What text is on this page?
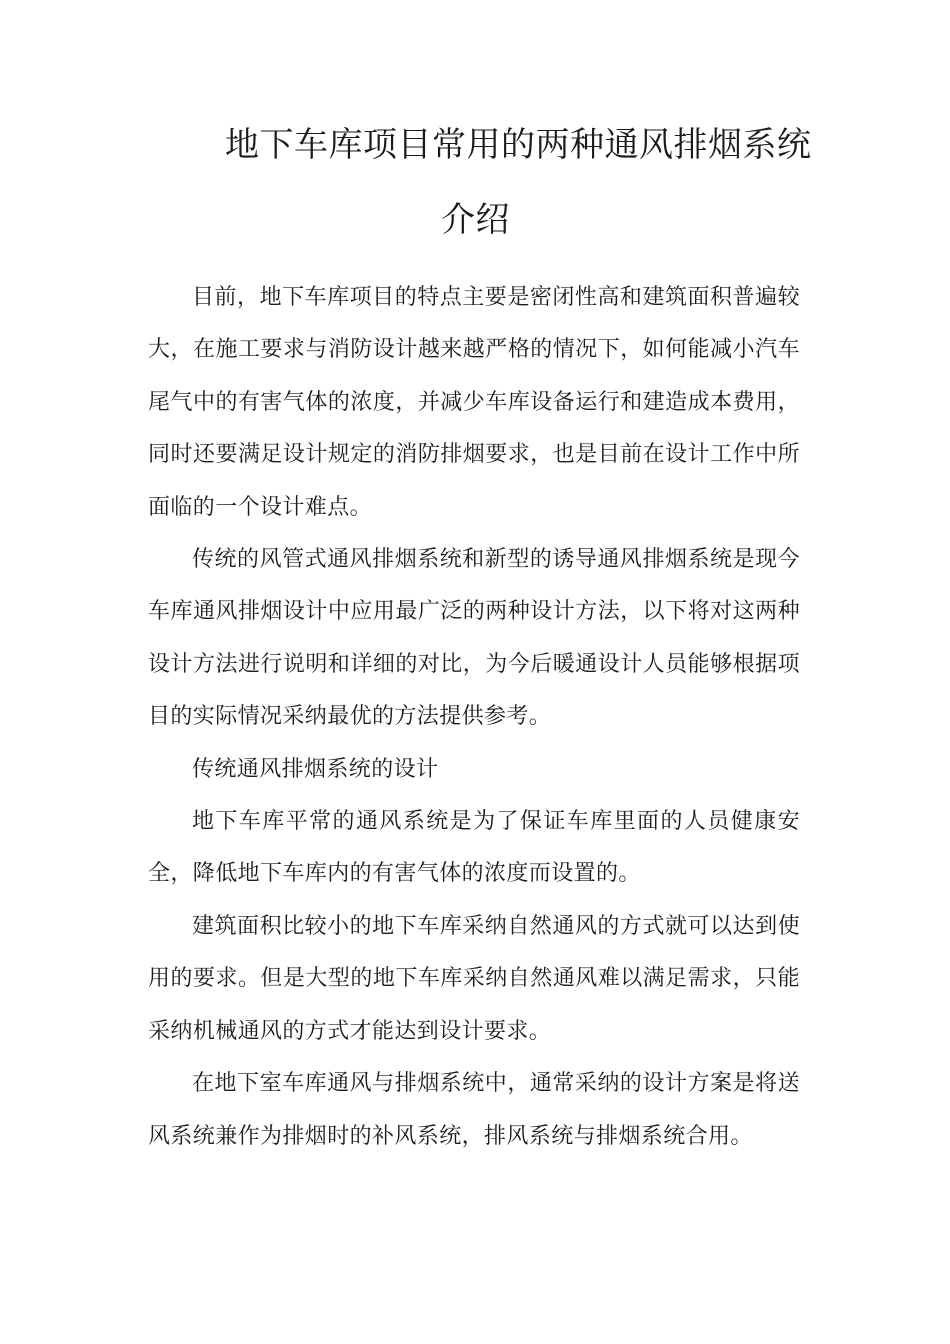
地下车库项目常用的两种通风排烟系统
介绍

目前，地下车库项目的特点主要是密闭性高和建筑面积普遍较大，在施工要求与消防设计越来越严格的情况下，如何能减小汽车尾气中的有害气体的浓度，并减少车库设备运行和建造成本费用，同时还要满足设计规定的消防排烟要求，也是目前在设计工作中所面临的一个设计难点。

传统的风管式通风排烟系统和新型的诱导通风排烟系统是现今车库通风排烟设计中应用最广泛的两种设计方法，以下将对这两种设计方法进行说明和详细的对比，为今后暖通设计人员能够根据项目的实际情况采纳最优的方法提供参考。

传统通风排烟系统的设计

地下车库平常的通风系统是为了保证车库里面的人员健康安全，降低地下车库内的有害气体的浓度而设置的。

建筑面积比较小的地下车库采纳自然通风的方式就可以达到使用的要求。但是大型的地下车库采纳自然通风难以满足需求，只能采纳机械通风的方式才能达到设计要求。

在地下室车库通风与排烟系统中，通常采纳的设计方案是将送风系统兼作为排烟时的补风系统，排风系统与排烟系统合用。
